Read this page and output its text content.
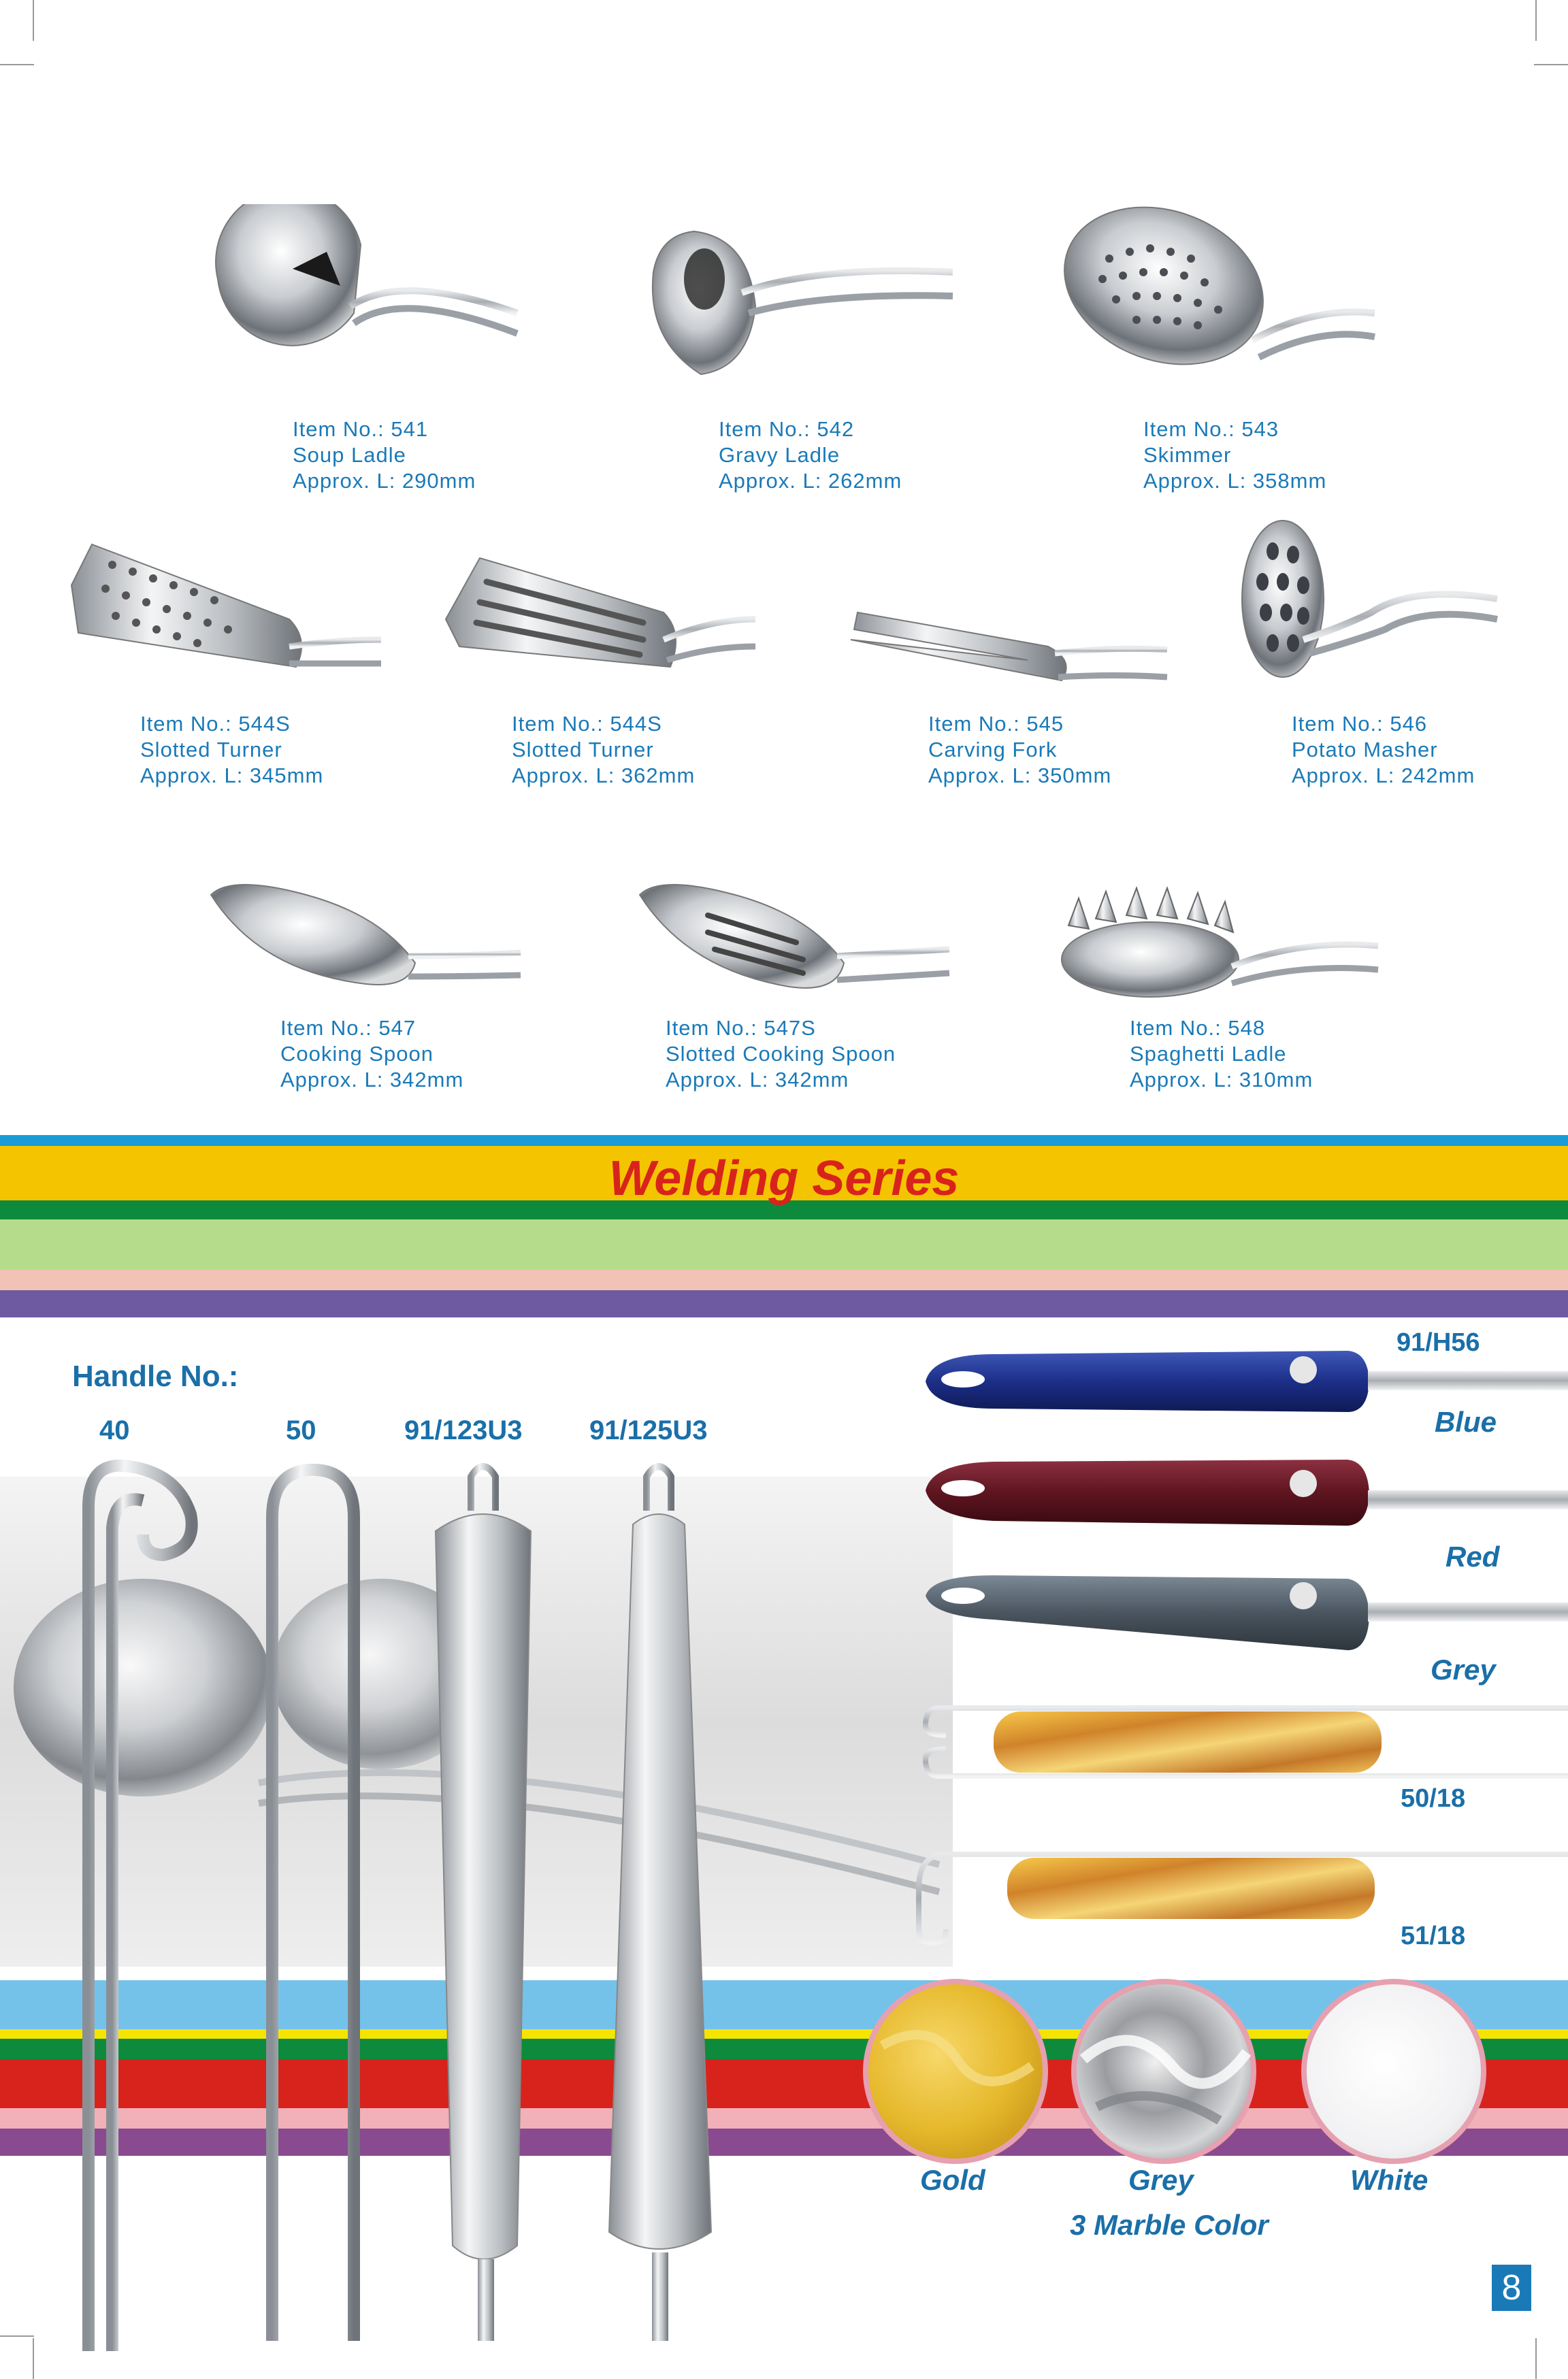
Item No.: 541
Soup Ladle
Approx. L: 290mm
Item No.: 542
Gravy Ladle
Approx. L: 262mm
Item No.: 543
Skimmer
Approx. L: 358mm
Item No.: 544S
Slotted Turner
Approx. L: 345mm
Item No.: 544S
Slotted Turner
Approx. L: 362mm
Item No.: 545
Carving Fork
Approx. L: 350mm
Item No.: 546
Potato Masher
Approx. L: 242mm
Item No.: 547
Cooking Spoon
Approx. L: 342mm
Item No.: 547S
Slotted Cooking Spoon
Approx. L: 342mm
Item No.: 548
Spaghetti Ladle
Approx. L: 310mm
Welding Series
Handle No.:
40	50	91/123U3 91/125U3
91/H56
Blue
Red
Grey
50/18
51/18
Gold	Grey	White
3 Marble Color
8
